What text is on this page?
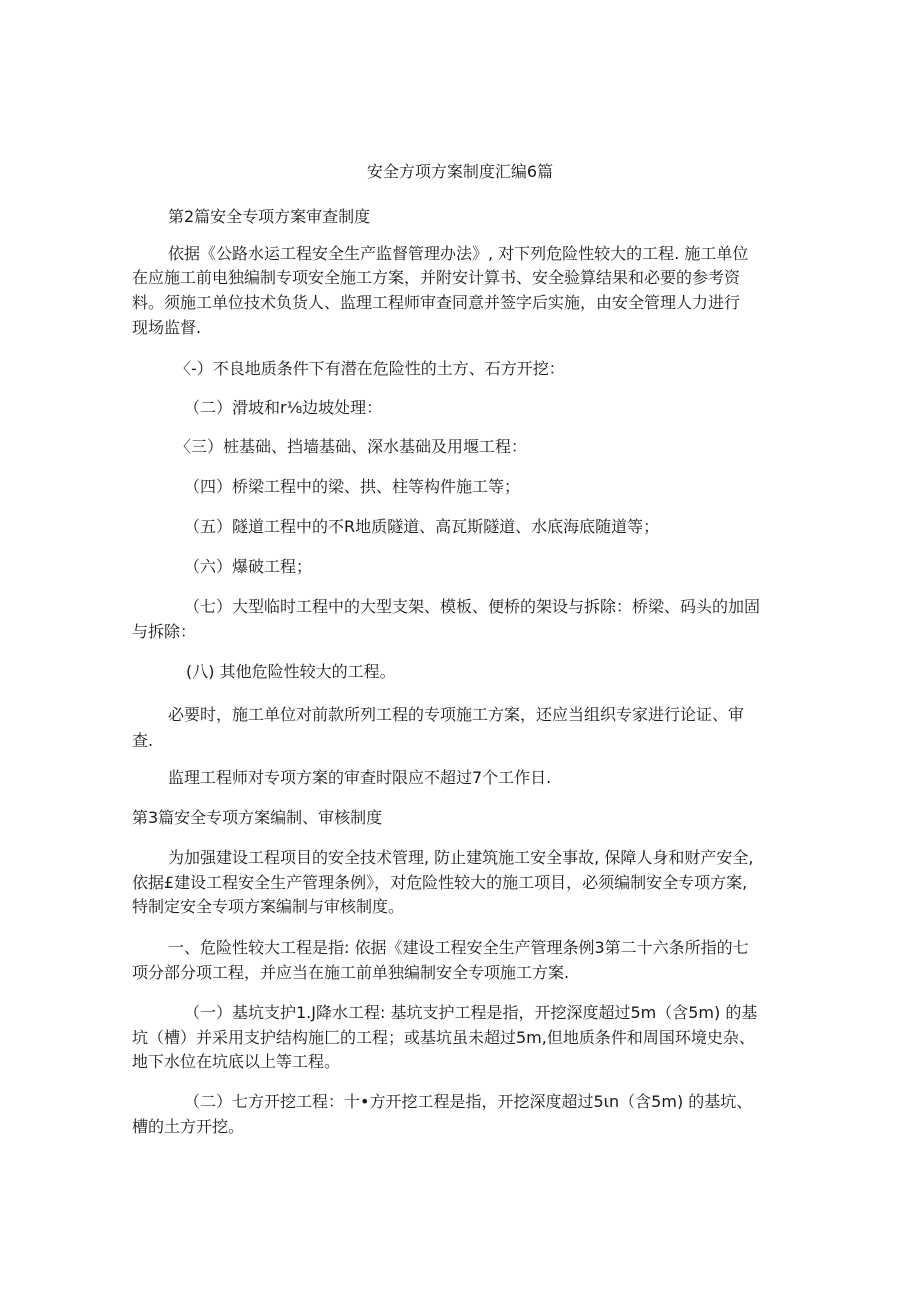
安全方项方案制度汇编6篇

第2篇安全专项方案审查制度

依据《公路水运工程安全生产监督管理办法》, 对下列危险性较大的工程. 施工单位

在应施工前电独编制专项安全施工方案，并附安计算书、安全验算结果和必要的参考资

料。须施工单位技术负货人、监理工程师审查同意并签字后实施，由安全管理人力进行

现场监督.

〈-）不良地质条件下有潜在危险性的土方、石方开挖：

（二）滑坡和r⅛边坡处理：

〈三）桩基础、挡墙基础、深水基础及用堰工程：

（四）桥梁工程中的梁、拱、柱等构件施工等；

（五）隧道工程中的不R地质隧道、高瓦斯隧道、水底海底随道等；

（六）爆破工程；

（七）大型临时工程中的大型支架、模板、便桥的架设与拆除：桥梁、码头的加固

与拆除：

(八) 其他危险性较大的工程。

必要时，施工单位对前款所列工程的专项施工方案，还应当组织专家进行论证、审

查.

监理工程师对专项方案的审查时限应不超过7个工作日.

第3篇安全专项方案编制、审核制度

为加强建设工程项目的安全技术管理, 防止建筑施工安全事故, 保障人身和财产安全,

依据£建设工程安全生产管理条例》，对危险性较大的施工项目，必须编制安全专项方案,

特制定安全专项方案编制与审核制度。

一、危险性较大工程是指: 依据《建设工程安全生产管理条例3第二十六条所指的七

项分部分项工程，并应当在施工前单独编制安全专项施工方案.

（一）基坑支护1.J降水工程: 基坑支护工程是指，开挖深度超过5m（含5m) 的基

坑（槽）并采用支护结构施匚的工程；或基坑虽未超过5m,但地质条件和周国环境史杂、

地下水位在坑底以上等工程。

（二）七方开挖工程：十•方开挖工程是指，开挖深度超过5ιn（含5m) 的基坑、

槽的土方开挖。
